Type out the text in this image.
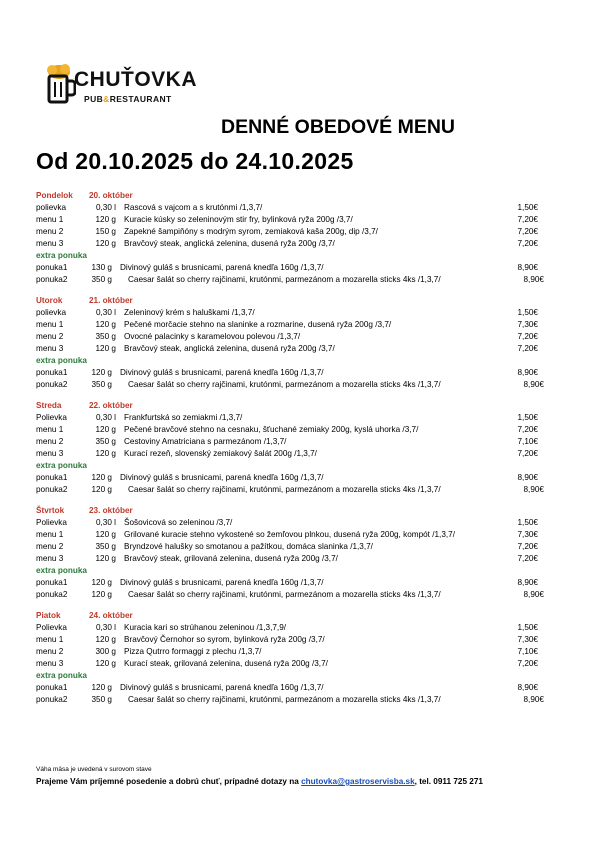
CHUŤOVKA
PUB&RESTAURANT
DENNÉ OBEDOVÉ MENU
Od 20.10.2025 do 24.10.2025
Pondelok 20. október
polievka	0,30 l Rascová s vajcom a s krutónmi /1,3,7/	1,50€
menu 1	120 g Kuracie kúsky so zeleninovým stir fry, bylinková ryža 200g /3,7/	7,20€
menu 2	150 g Zapekné šampiňóny s modrým syrom, zemiaková kaša 200g, dip /3,7/	7,20€
menu 3	120 g Bravčový steak, anglická zelenina, dusená ryža 200g /3,7/	7,20€
extra ponuka
ponuka1	130 g Divinový guláš s brusnicami, parená knedľa 160g /1,3,7/	8,90€
ponuka2	350 g Caesar šalát so cherry rajčinami, krutónmi, parmezánom a mozarella sticks 4ks /1,3,7/	8,90€
Utorok	21. október
polievka	0,30 l Zeleninový krém s haluškami /1,3,7/	1,50€
menu 1	120 g Pečené morčacie stehno na slaninke a rozmarine, dusená ryža 200g /3,7/	7,30€
menu 2	350 g Ovocné palacinky s karamelovou polevou /1,3,7/	7,20€
menu 3	120 g Bravčový steak, anglická zelenina, dusená ryža 200g /3,7/	7,20€
extra ponuka
ponuka1	120 g Divinový guláš s brusnicami, parená knedľa 160g /1,3,7/	8,90€
ponuka2	350 g Caesar šalát so cherry rajčinami, krutónmi, parmezánom a mozarella sticks 4ks /1,3,7/	8,90€
Streda	22. október
Polievka	0,30 l Frankfurtská so zemiakmi /1,3,7/	1,50€
menu 1	120 g Pečené bravčové stehno na cesnaku, šťuchané zemiaky 200g, kyslá uhorka /3,7/	7,20€
menu 2	350 g Cestoviny Amatriciana s parmezánom /1,3,7/	7,10€
menu 3	120 g Kurací rezeň, slovenský zemiakový šalát 200g /1,3,7/	7,20€
extra ponuka
ponuka1	120 g Divinový guláš s brusnicami, parená knedľa 160g /1,3,7/	8,90€
ponuka2	120 g Caesar šalát so cherry rajčinami, krutónmi, parmezánom a mozarella sticks 4ks /1,3,7/	8,90€
Štvrtok	23. október
Polievka	0,30 l Šošovicová so zeleninou /3,7/	1,50€
menu 1	120 g Grilované kuracie stehno vykostené so žemľovou plnkou, dusená ryža 200g, kompót /1,3,7/	7,30€
menu 2	350 g Bryndzové halušky so smotanou a pažítkou, domáca slaninka /1,3,7/	7,20€
menu 3	120 g Bravčový steak, grilovaná zelenina, dusená ryža 200g /3,7/	7,20€
extra ponuka
ponuka1	120 g Divinový guláš s brusnicami, parená knedľa 160g /1,3,7/	8,90€
ponuka2	120 g Caesar šalát so cherry rajčinami, krutónmi, parmezánom a mozarella sticks 4ks /1,3,7/	8,90€
Piatok	24. október
Polievka	0,30 l Kuracia kari so strúhanou zeleninou /1,3,7,9/	1,50€
menu 1	120 g Bravčový Černohor so syrom, bylinková ryža 200g /3,7/	7,30€
menu 2	300 g Pizza Qutrro formaggi z plechu /1,3,7/	7,10€
menu 3	120 g Kurací steak, grilovaná zelenina, dusená ryža 200g /3,7/	7,20€
extra ponuka
ponuka1	120 g Divinový guláš s brusnicami, parená knedľa 160g /1,3,7/	8,90€
ponuka2	350 g Caesar šalát so cherry rajčinami, krutónmi, parmezánom a mozarella sticks 4ks /1,3,7/	8,90€
Váha mäsa je uvedená v surovom stave
Prajeme Vám príjemné posedenie a dobrú chuť, prípadné dotazy na chutovka@gastroservisba.sk, tel. 0911 725 271
